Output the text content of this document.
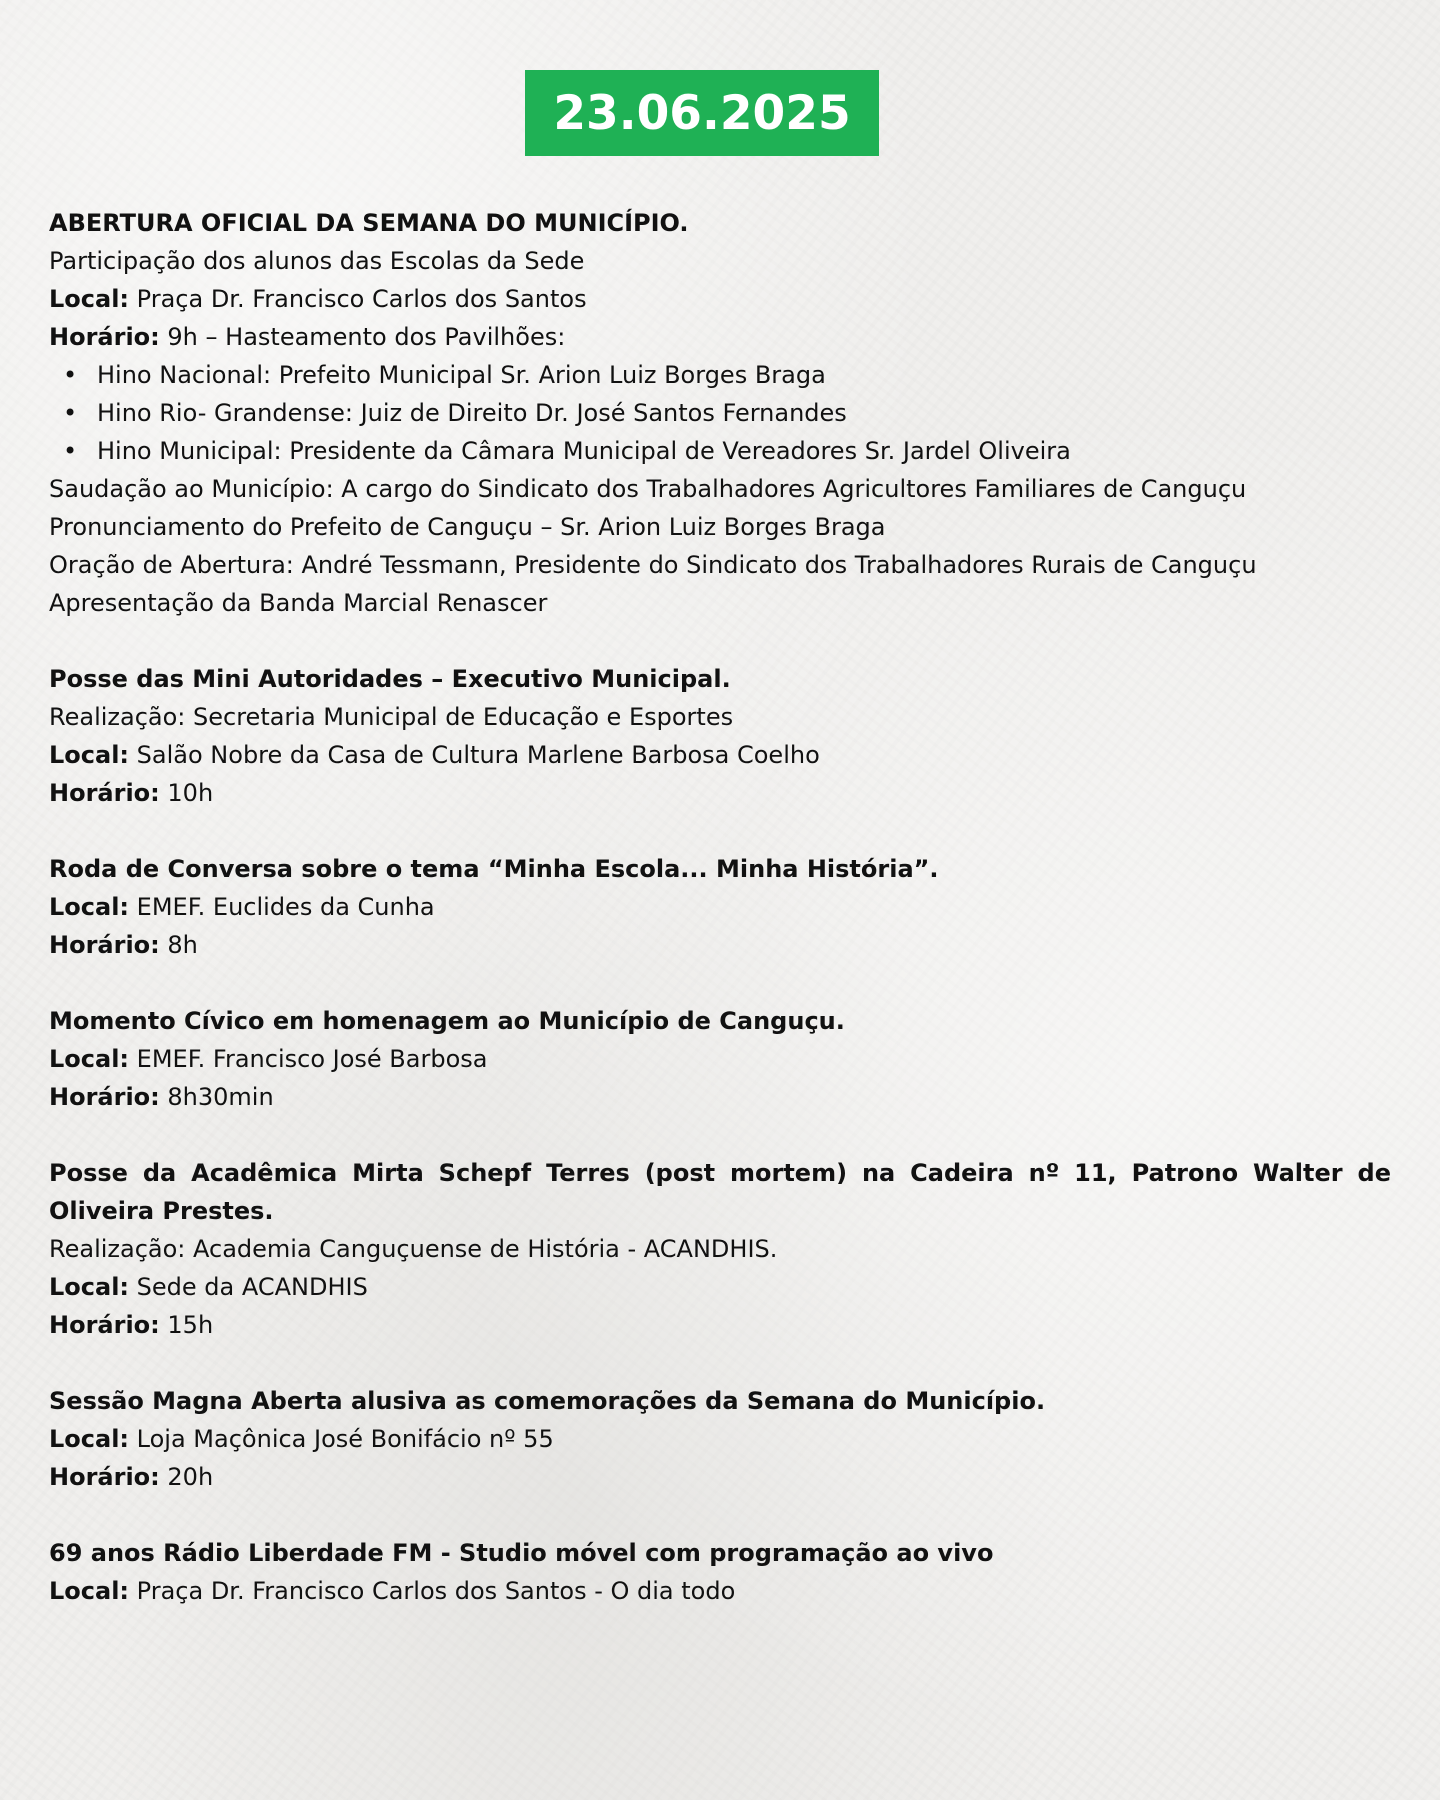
23.06.2025
ABERTURA OFICIAL DA SEMANA DO MUNICÍPIO.
Participação dos alunos das Escolas da Sede
Local: Praça Dr. Francisco Carlos dos Santos
Horário: 9h – Hasteamento dos Pavilhões:
• Hino Nacional: Prefeito Municipal Sr. Arion Luiz Borges Braga
• Hino Rio- Grandense: Juiz de Direito Dr. José Santos Fernandes
• Hino Municipal: Presidente da Câmara Municipal de Vereadores Sr. Jardel Oliveira
Saudação ao Município: A cargo do Sindicato dos Trabalhadores Agricultores Familiares de Canguçu
Pronunciamento do Prefeito de Canguçu – Sr. Arion Luiz Borges Braga
Oração de Abertura: André Tessmann, Presidente do Sindicato dos Trabalhadores Rurais de Canguçu
Apresentação da Banda Marcial Renascer
Posse das Mini Autoridades – Executivo Municipal.
Realização: Secretaria Municipal de Educação e Esportes
Local: Salão Nobre da Casa de Cultura Marlene Barbosa Coelho
Horário: 10h
Roda de Conversa sobre o tema “Minha Escola... Minha História”.
Local: EMEF. Euclides da Cunha
Horário: 8h
Momento Cívico em homenagem ao Município de Canguçu.
Local: EMEF. Francisco José Barbosa
Horário: 8h30min
Posse da Acadêmica Mirta Schepf Terres (post mortem) na Cadeira nº 11, Patrono Walter de Oliveira Prestes.
Realização: Academia Canguçuense de História - ACANDHIS.
Local: Sede da ACANDHIS
Horário: 15h
Sessão Magna Aberta alusiva as comemorações da Semana do Município.
Local: Loja Maçônica José Bonifácio nº 55
Horário: 20h
69 anos Rádio Liberdade FM - Studio móvel com programação ao vivo
Local: Praça Dr. Francisco Carlos dos Santos - O dia todo
